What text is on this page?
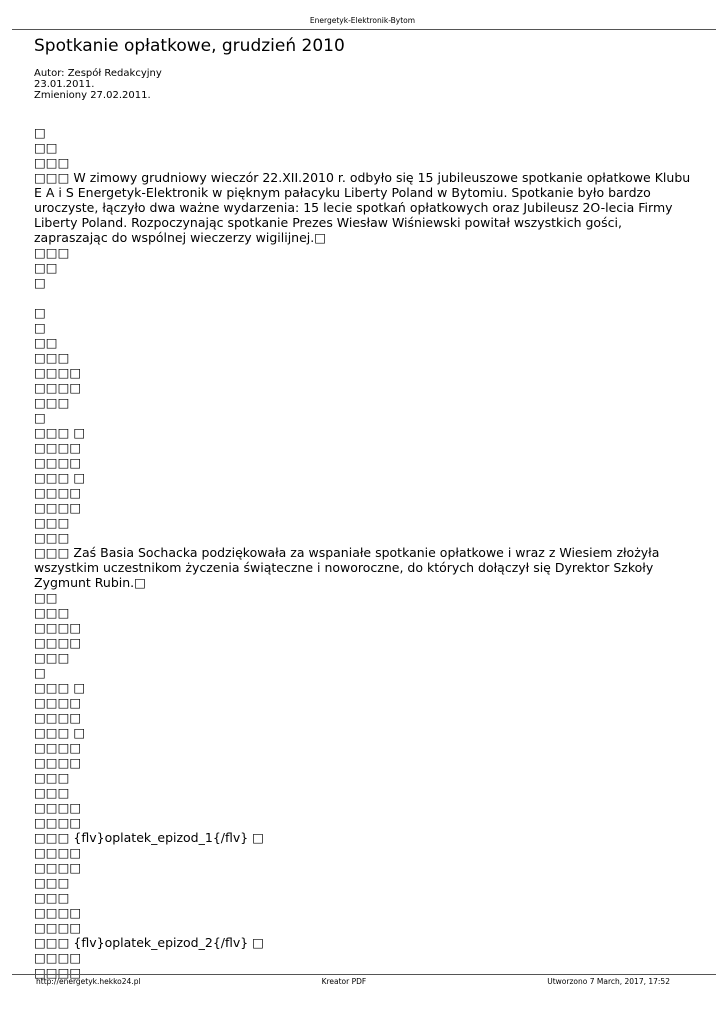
Energetyk-Elektronik-Bytom
Spotkanie opłatkowe, grudzień 2010
Autor: Zespół Redakcyjny
23.01.2011.
Zmieniony 27.02.2011.
□
□□
□□□
□□□ W zimowy grudniowy wieczór 22.XII.2010 r. odbyło się 15 jubileuszowe spotkanie opłatkowe Klubu E A i S Energetyk-Elektronik w pięknym pałacyku Liberty Poland w Bytomiu. Spotkanie było bardzo uroczyste, łączyło dwa ważne wydarzenia: 15 lecie spotkań opłatkowych oraz Jubileusz 2O-lecia Firmy Liberty Poland. Rozpoczynając spotkanie Prezes Wiesław Wiśniewski powitał wszystkich gości, zapraszając do wspólnej wieczerzy wigilijnej.□
□□□
□□
□
□
□
□□
□□□
□□□□
□□□□
□□□
□
□□□ □
□□□□
□□□□
□□□ □
□□□□
□□□□
□□□
□□□
□□□ Zaś Basia Sochacka podziękowała za wspaniałe spotkanie opłatkowe i wraz z Wiesiem złożyła wszystkim uczestnikom życzenia świąteczne i noworoczne, do których dołączył się Dyrektor Szkoły Zygmunt Rubin.□
□□
□□□
□□□□
□□□□
□□□
□
□□□ □
□□□□
□□□□
□□□ □
□□□□
□□□□
□□□
□□□
□□□□
□□□□
□□□ {flv}oplatek_epizod_1{/flv} □
□□□□
□□□□
□□□
□□□
□□□□
□□□□
□□□ {flv}oplatek_epizod_2{/flv} □
□□□□
□□□□
http://energetyk.hekko24.pl	Kreator PDF	Utworzono 7 March, 2017, 17:52
